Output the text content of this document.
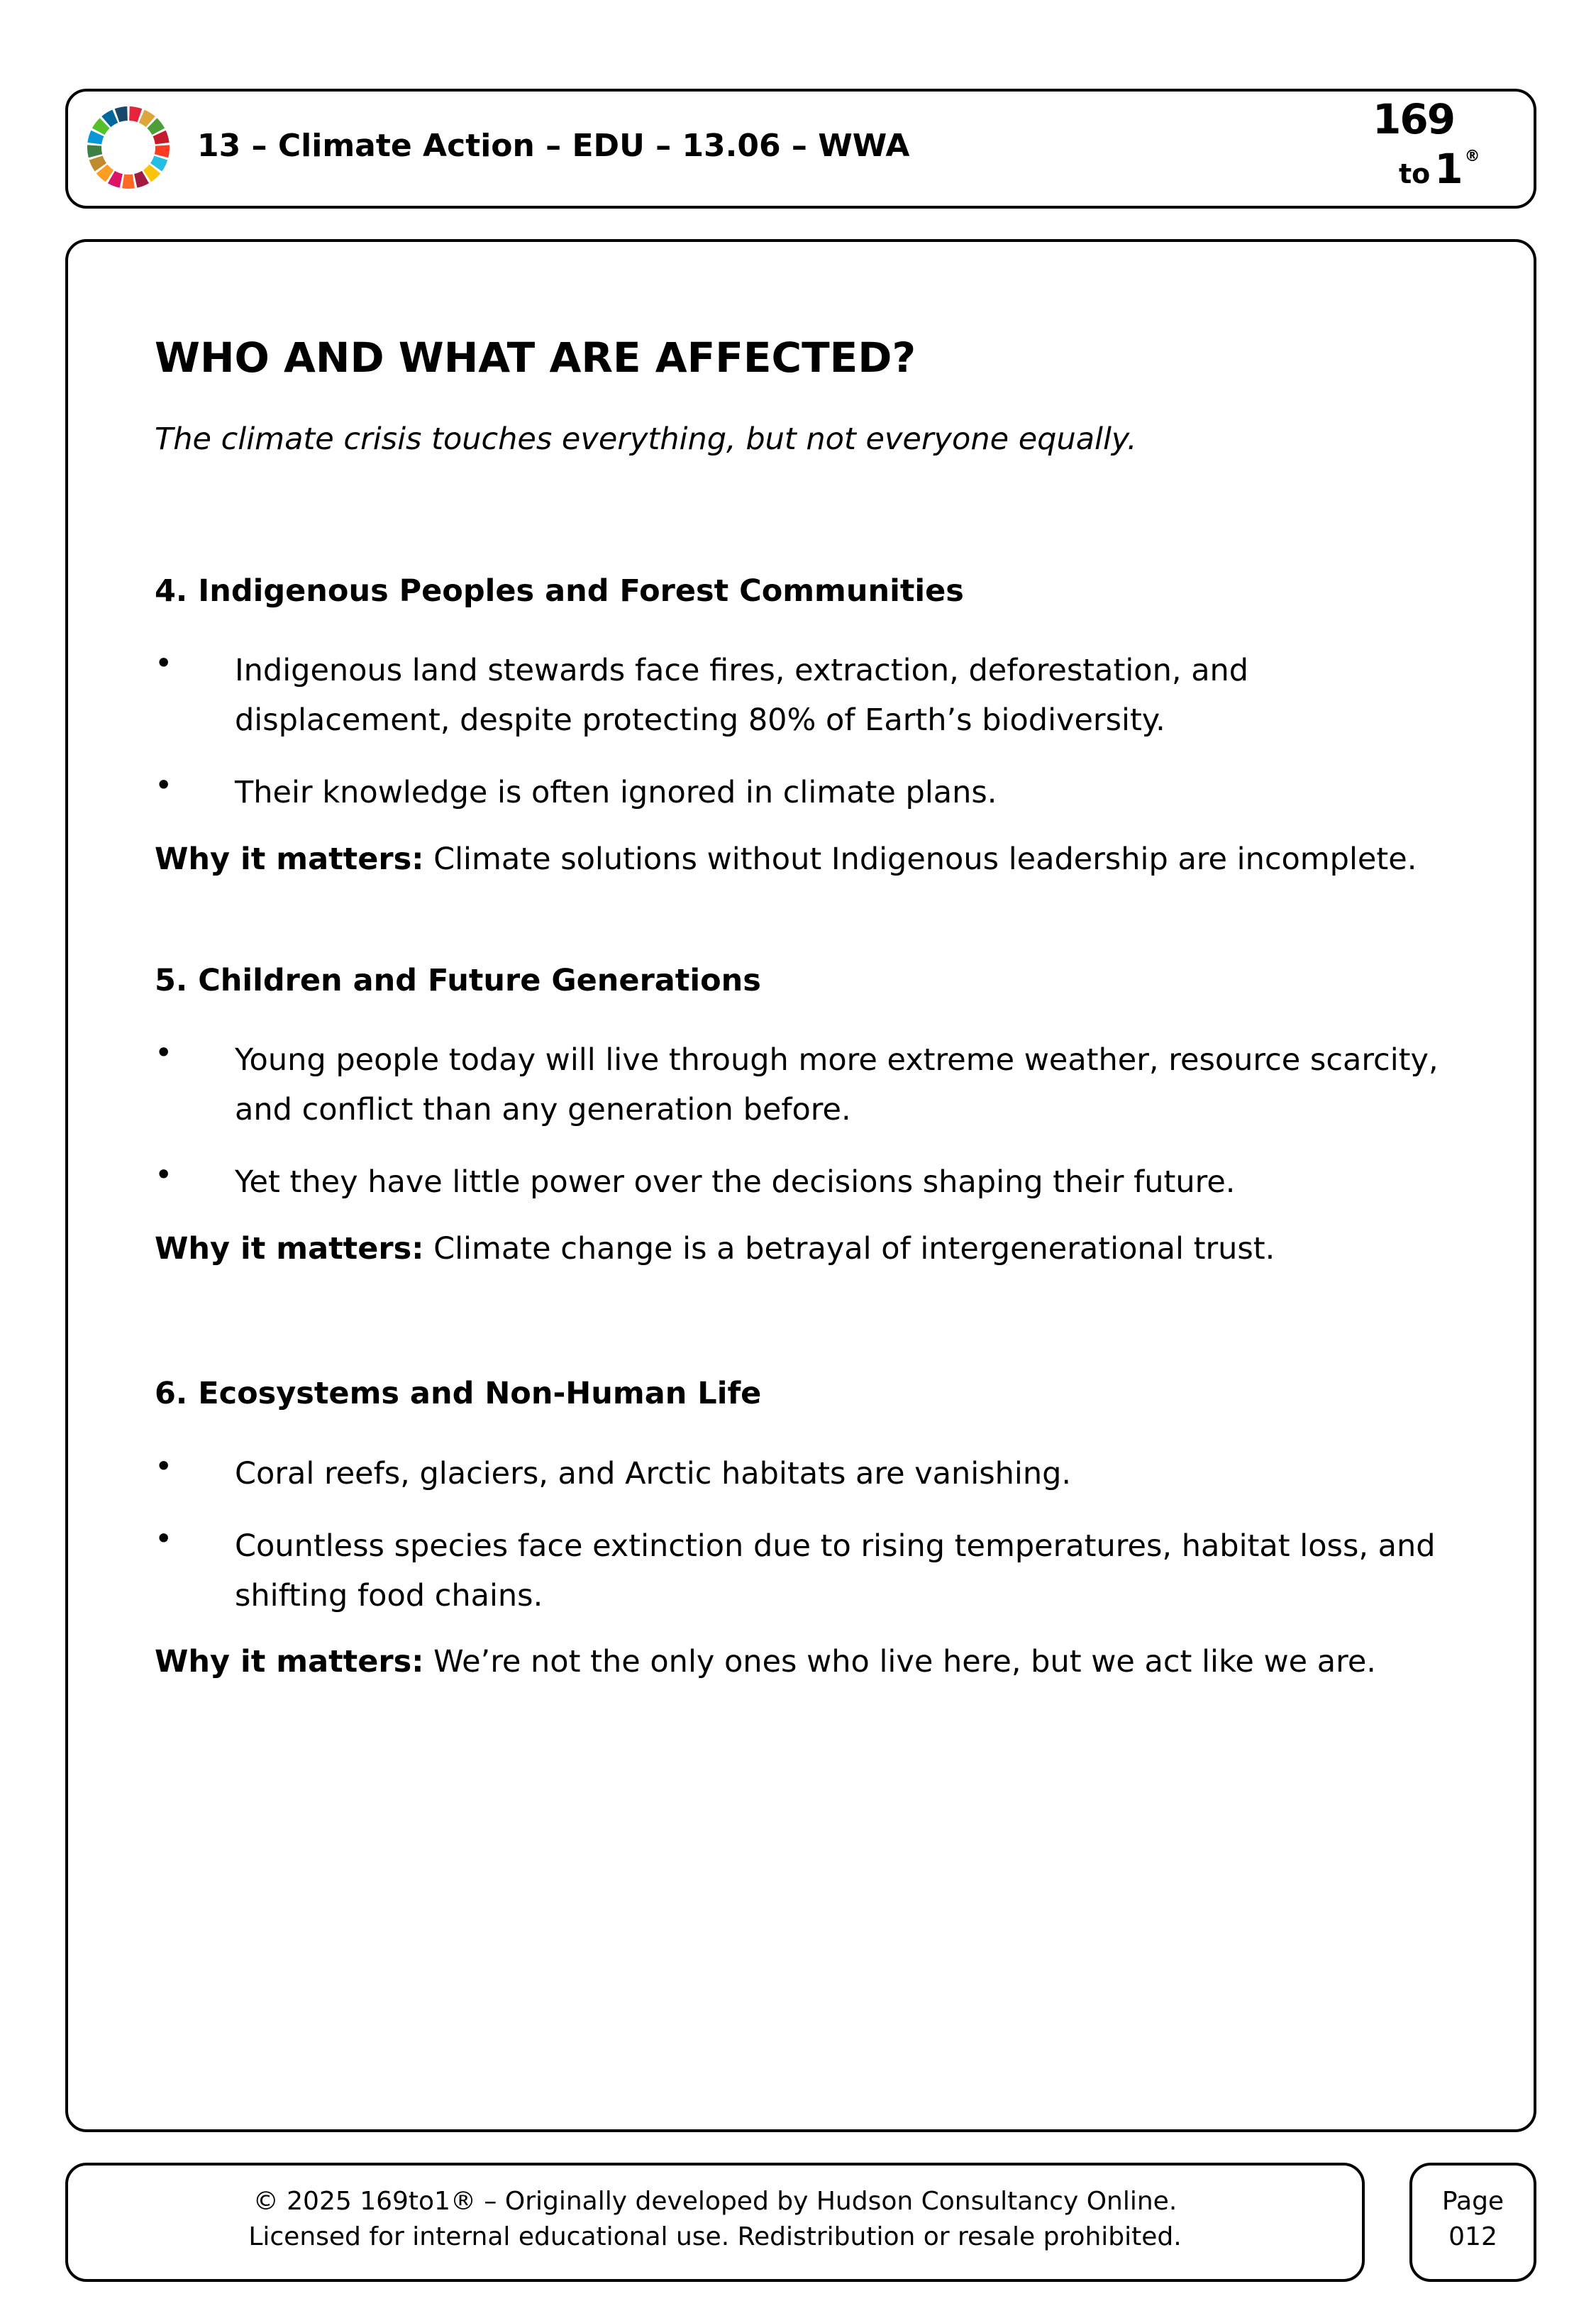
13 – Climate Action – EDU – 13.06 – WWA
169
to 1®
WHO AND WHAT ARE AFFECTED?
The climate crisis touches everything, but not everyone equally.
4. Indigenous Peoples and Forest Communities
• Indigenous land stewards face fires, extraction, deforestation, and
displacement, despite protecting 80% of Earth’s biodiversity.
• Their knowledge is often ignored in climate plans.
Why it matters: Climate solutions without Indigenous leadership are incomplete.
5. Children and Future Generations
• Young people today will live through more extreme weather, resource scarcity,
and conflict than any generation before.
• Yet they have little power over the decisions shaping their future.
Why it matters: Climate change is a betrayal of intergenerational trust.
6. Ecosystems and Non-Human Life
• Coral reefs, glaciers, and Arctic habitats are vanishing.
• Countless species face extinction due to rising temperatures, habitat loss, and
shifting food chains.
Why it matters: We’re not the only ones who live here, but we act like we are.
© 2025 169to1® – Originally developed by Hudson Consultancy Online.
Licensed for internal educational use. Redistribution or resale prohibited.
Page
012
